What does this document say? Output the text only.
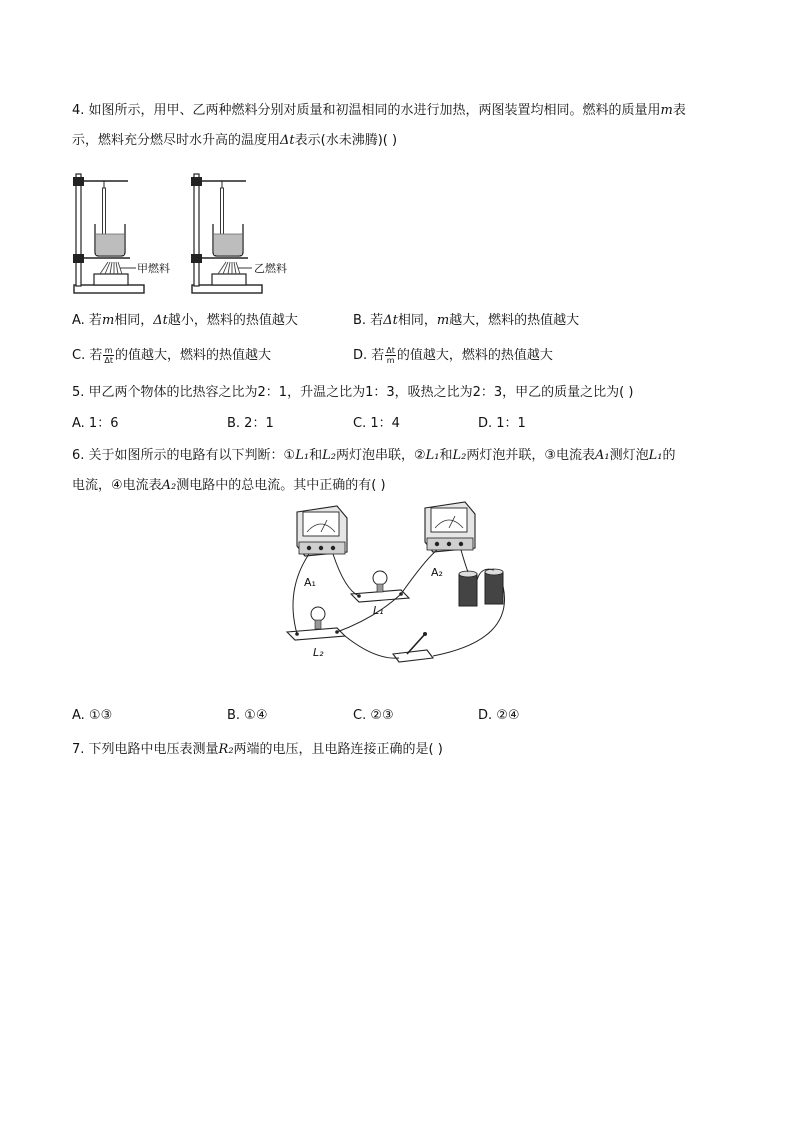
4. 如图所示，用甲、乙两种燃料分别对质量和初温相同的水进行加热，两图装置均相同。燃料的质量用m表
示，燃料充分燃尽时水升高的温度用Δt表示(水未沸腾)( )
甲燃料	乙燃料
A. 若m相同，Δt越小，燃料的热值越大	B. 若Δt相同，m越大，燃料的热值越大
C. 若 $\frac{m}{\Delta t}$ 的值越大，燃料的热值越大	D. 若 $\frac{\Delta t}{m}$ 的值越大，燃料的热值越大
5. 甲乙两个物体的比热容之比为2：1，升温之比为1：3，吸热之比为2：3，甲乙的质量之比为( )
A. 1：6	B. 2：1	C. 1：4	D. 1：1
6. 关于如图所示的电路有以下判断：①L₁和L₂两灯泡串联，②L₁和L₂两灯泡并联，③电流表A₁测灯泡L₁的
电流，④电流表A₂测电路中的总电流。其中正确的有( )
A₁
A₂
L₁
L₂
A. ①③	B. ①④	C. ②③	D. ②④
7. 下列电路中电压表测量R₂两端的电压，且电路连接正确的是( )
